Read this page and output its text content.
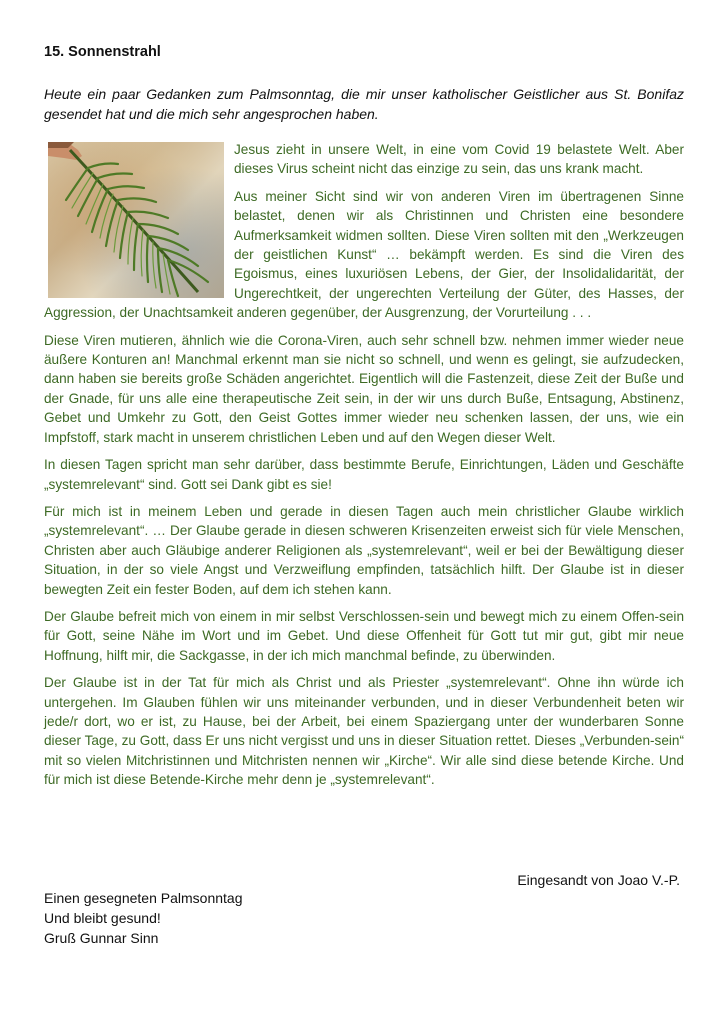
15. Sonnenstrahl
Heute ein paar Gedanken zum Palmsonntag, die mir unser katholischer Geistlicher aus St. Bonifaz gesendet hat und die mich sehr angesprochen haben.

Jesus zieht in unsere Welt, in eine vom Covid 19 belastete Welt. Aber dieses Virus scheint nicht das einzige zu sein, das uns krank macht.

Aus meiner Sicht sind wir von anderen Viren im übertragenen Sinne belastet, denen wir als Christinnen und Christen eine besondere Aufmerksamkeit widmen sollten. Diese Viren sollten mit den „Werkzeugen der geistlichen Kunst“ … bekämpft werden. Es sind die Viren des Egoismus, eines luxuriösen Lebens, der Gier, der Insolidalidarität, der Ungerechtkeit, der ungerechten Verteilung der Güter, des Hasses, der Aggression, der Unachtsamkeit anderen gegenüber, der Ausgrenzung, der Vorurteilung . . .

Diese Viren mutieren, ähnlich wie die Corona-Viren, auch sehr schnell bzw. nehmen immer wieder neue äußere Konturen an! Manchmal erkennt man sie nicht so schnell, und wenn es gelingt, sie aufzudecken, dann haben sie bereits große Schäden angerichtet. Eigentlich will die Fastenzeit, diese Zeit der Buße und der Gnade, für uns alle eine therapeutische Zeit sein, in der wir uns durch Buße, Entsagung, Abstinenz, Gebet und Umkehr zu Gott, den Geist Gottes immer wieder neu schenken lassen, der uns, wie ein Impfstoff, stark macht in unserem christlichen Leben und auf den Wegen dieser Welt.

In diesen Tagen spricht man sehr darüber, dass bestimmte Berufe, Einrichtungen, Läden und Geschäfte „systemrelevant“ sind. Gott sei Dank gibt es sie!

Für mich ist in meinem Leben und gerade in diesen Tagen auch mein christlicher Glaube wirklich „systemrelevant“. … Der Glaube gerade in diesen schweren Krisenzeiten erweist sich für viele Menschen, Christen aber auch Gläubige anderer Religionen als „systemrelevant“, weil er bei der Bewältigung dieser Situation, in der so viele Angst und Verzweiflung empfinden, tatsächlich hilft. Der Glaube ist in dieser bewegten Zeit ein fester Boden, auf dem ich stehen kann.

Der Glaube befreit mich von einem in mir selbst Verschlossen-sein und bewegt mich zu einem Offen-sein für Gott, seine Nähe im Wort und im Gebet. Und diese Offenheit für Gott tut mir gut, gibt mir neue Hoffnung, hilft mir, die Sackgasse, in der ich mich manchmal befinde, zu überwinden.

Der Glaube ist in der Tat für mich als Christ und als Priester „systemrelevant“. Ohne ihn würde ich untergehen. Im Glauben fühlen wir uns miteinander verbunden, und in dieser Verbundenheit beten wir jede/r dort, wo er ist, zu Hause, bei der Arbeit, bei einem Spaziergang unter der wunderbaren Sonne dieser Tage, zu Gott, dass Er uns nicht vergisst und uns in dieser Situation rettet. Dieses „Verbunden-sein“ mit so vielen Mitchristinnen und Mitchristen nennen wir „Kirche“. Wir alle sind diese betende Kirche. Und für mich ist diese Betende-Kirche mehr denn je „systemrelevant“.

Eingesandt von Joao V.-P.
Einen gesegneten Palmsonntag
Und bleibt gesund!
Gruß Gunnar Sinn
